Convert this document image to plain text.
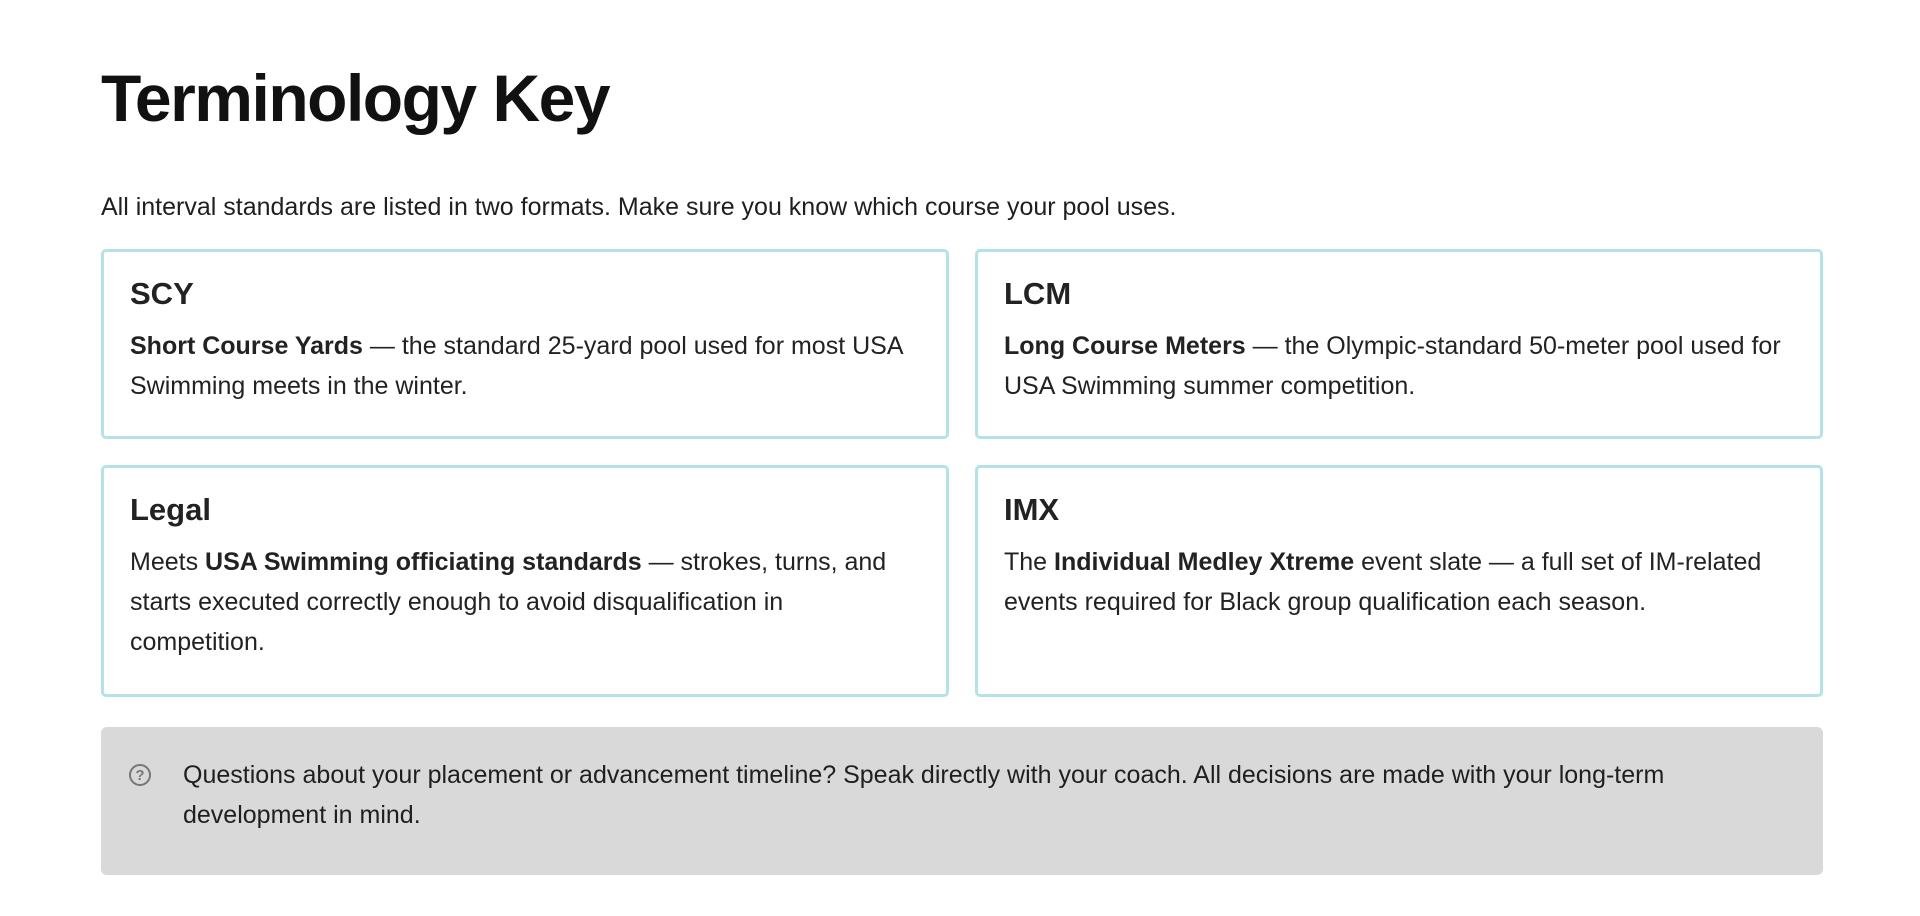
Terminology Key
All interval standards are listed in two formats. Make sure you know which course your pool uses.
SCY
Short Course Yards — the standard 25-yard pool used for most USA Swimming meets in the winter.
LCM
Long Course Meters — the Olympic-standard 50-meter pool used for USA Swimming summer competition.
Legal
Meets USA Swimming officiating standards — strokes, turns, and starts executed correctly enough to avoid disqualification in competition.
IMX
The Individual Medley Xtreme event slate — a full set of IM-related events required for Black group qualification each season.
? Questions about your placement or advancement timeline? Speak directly with your coach. All decisions are made with your long-term development in mind.
